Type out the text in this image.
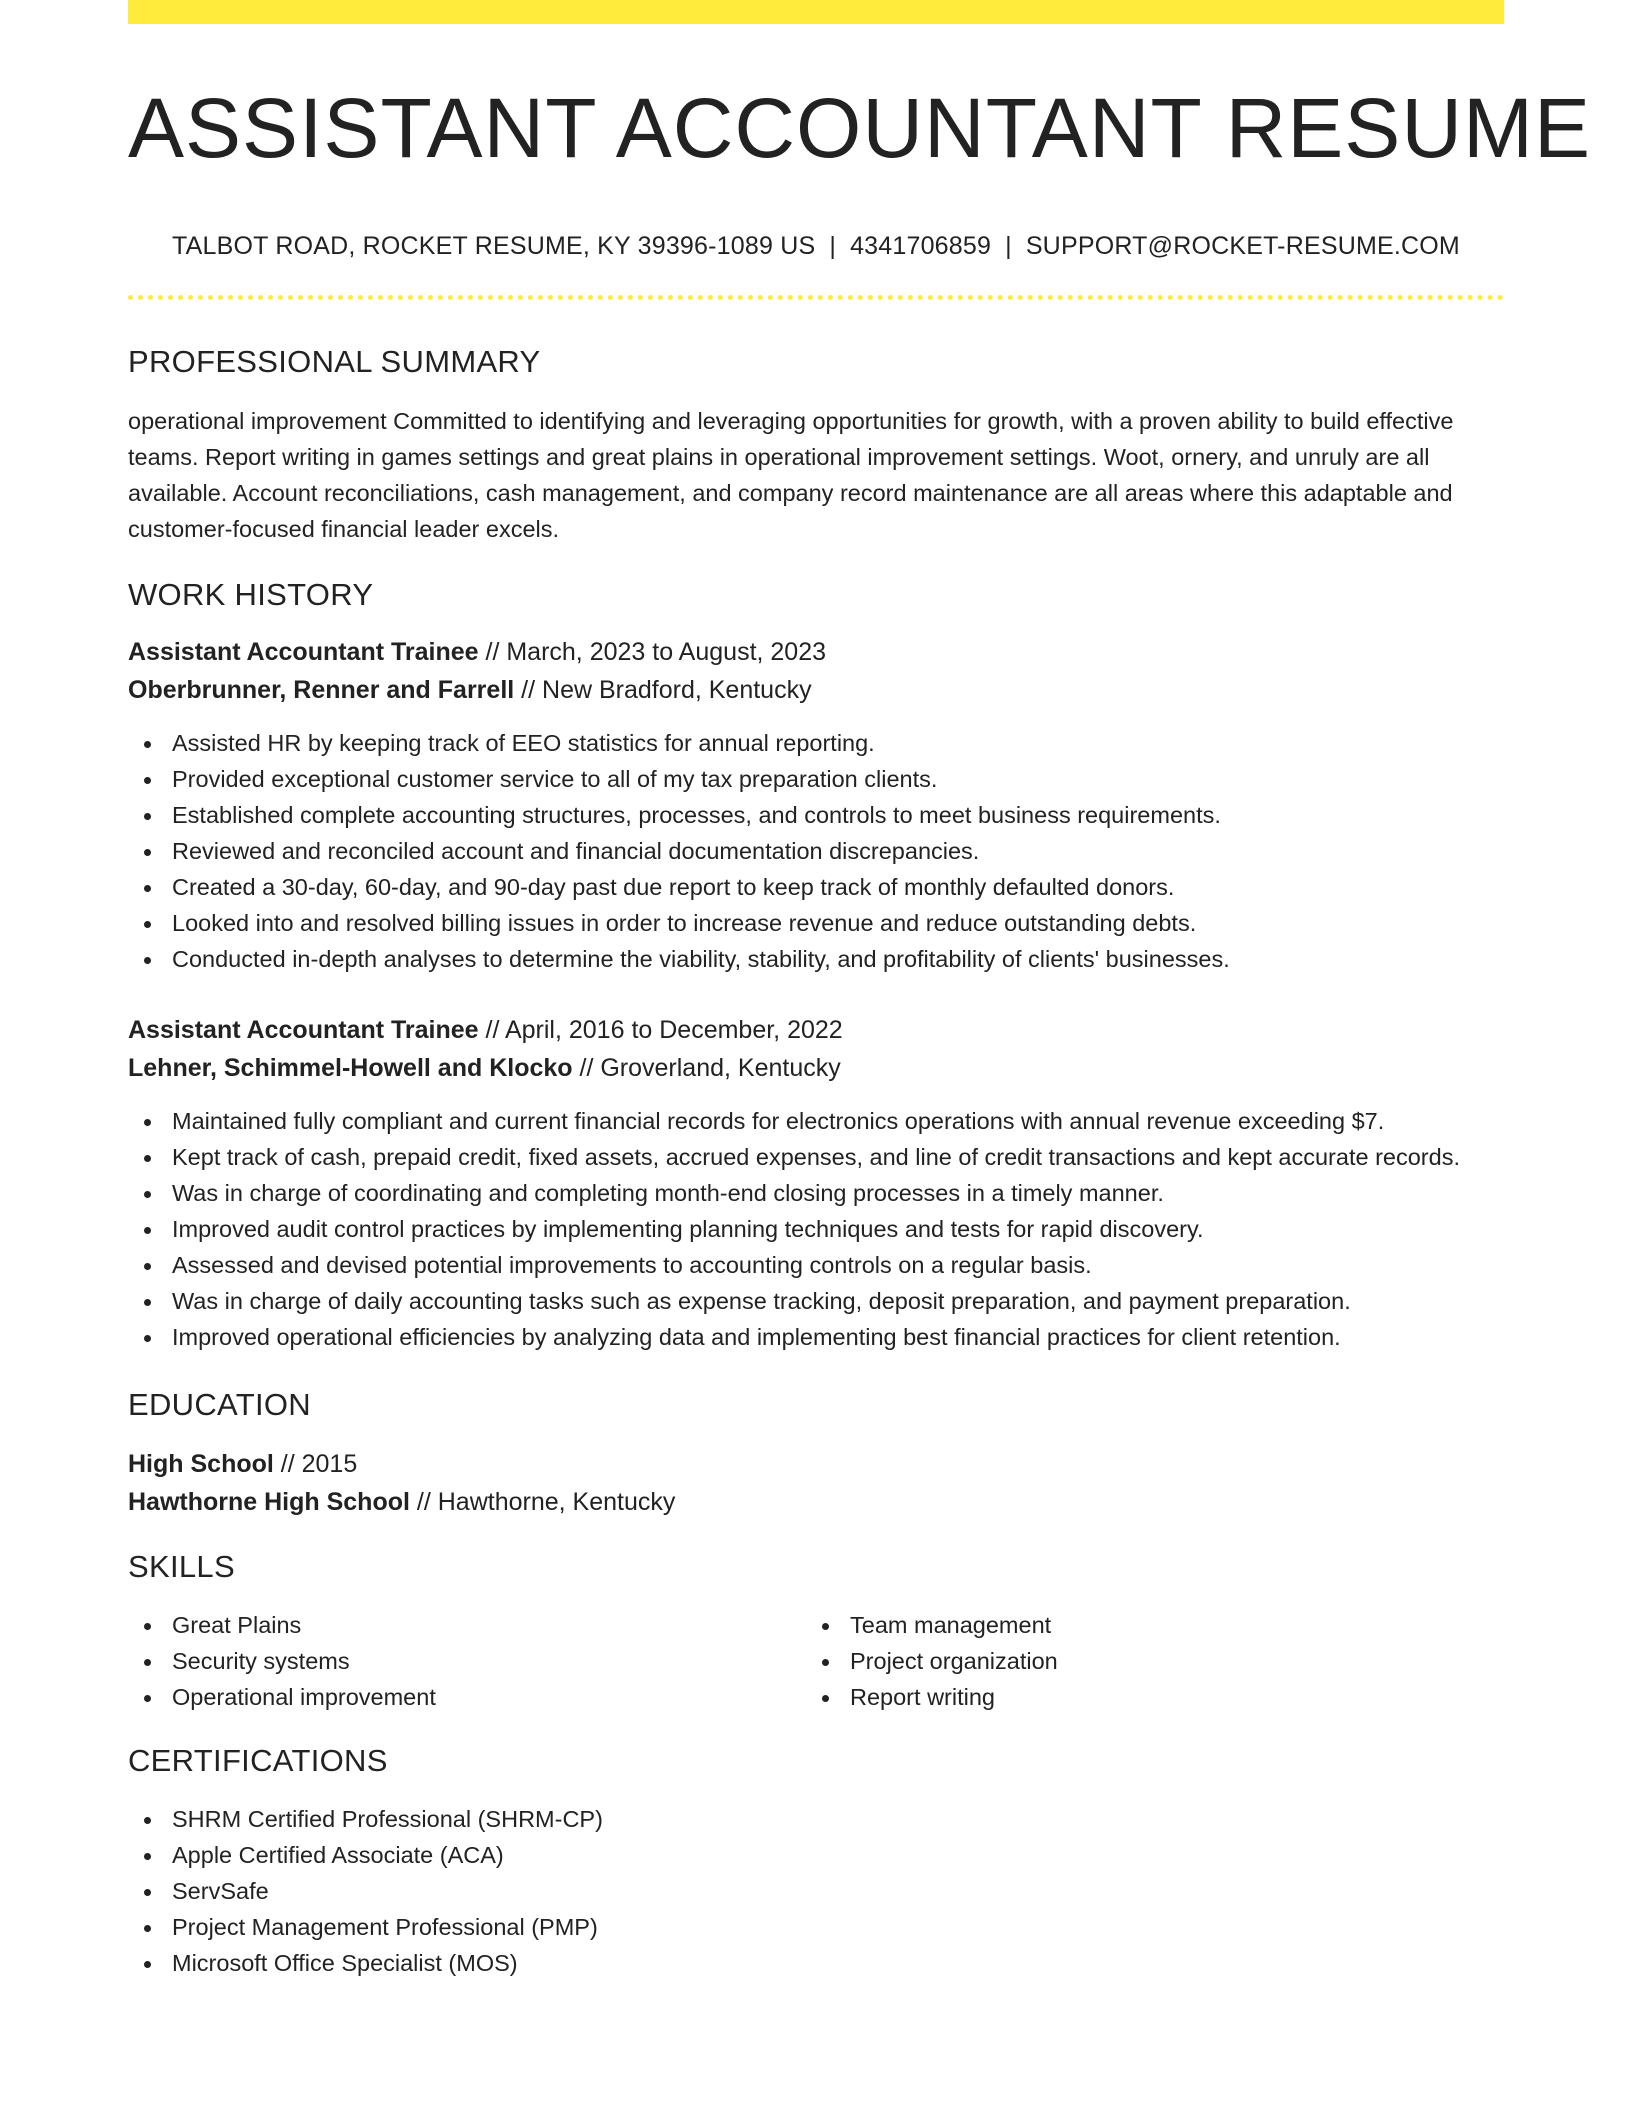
ASSISTANT ACCOUNTANT RESUME
TALBOT ROAD, ROCKET RESUME, KY 39396-1089 US | 4341706859 | SUPPORT@ROCKET-RESUME.COM
PROFESSIONAL SUMMARY

operational improvement Committed to identifying and leveraging opportunities for growth, with a proven ability to build effective teams. Report writing in games settings and great plains in operational improvement settings. Woot, ornery, and unruly are all available. Account reconciliations, cash management, and company record maintenance are all areas where this adaptable and customer-focused financial leader excels.

WORK HISTORY
Assistant Accountant Trainee // March, 2023 to August, 2023
Oberbrunner, Renner and Farrell // New Bradford, Kentucky
Assisted HR by keeping track of EEO statistics for annual reporting.
Provided exceptional customer service to all of my tax preparation clients.
Established complete accounting structures, processes, and controls to meet business requirements.
Reviewed and reconciled account and financial documentation discrepancies.
Created a 30-day, 60-day, and 90-day past due report to keep track of monthly defaulted donors.
Looked into and resolved billing issues in order to increase revenue and reduce outstanding debts.
Conducted in-depth analyses to determine the viability, stability, and profitability of clients' businesses.
Assistant Accountant Trainee // April, 2016 to December, 2022
Lehner, Schimmel-Howell and Klocko // Groverland, Kentucky
Maintained fully compliant and current financial records for electronics operations with annual revenue exceeding $7.
Kept track of cash, prepaid credit, fixed assets, accrued expenses, and line of credit transactions and kept accurate records.
Was in charge of coordinating and completing month-end closing processes in a timely manner.
Improved audit control practices by implementing planning techniques and tests for rapid discovery.
Assessed and devised potential improvements to accounting controls on a regular basis.
Was in charge of daily accounting tasks such as expense tracking, deposit preparation, and payment preparation.
Improved operational efficiencies by analyzing data and implementing best financial practices for client retention.
EDUCATION
High School // 2015
Hawthorne High School // Hawthorne, Kentucky
SKILLS
Great Plains
Security systems
Operational improvement
Team management
Project organization
Report writing
CERTIFICATIONS
SHRM Certified Professional (SHRM-CP)
Apple Certified Associate (ACA)
ServSafe
Project Management Professional (PMP)
Microsoft Office Specialist (MOS)
